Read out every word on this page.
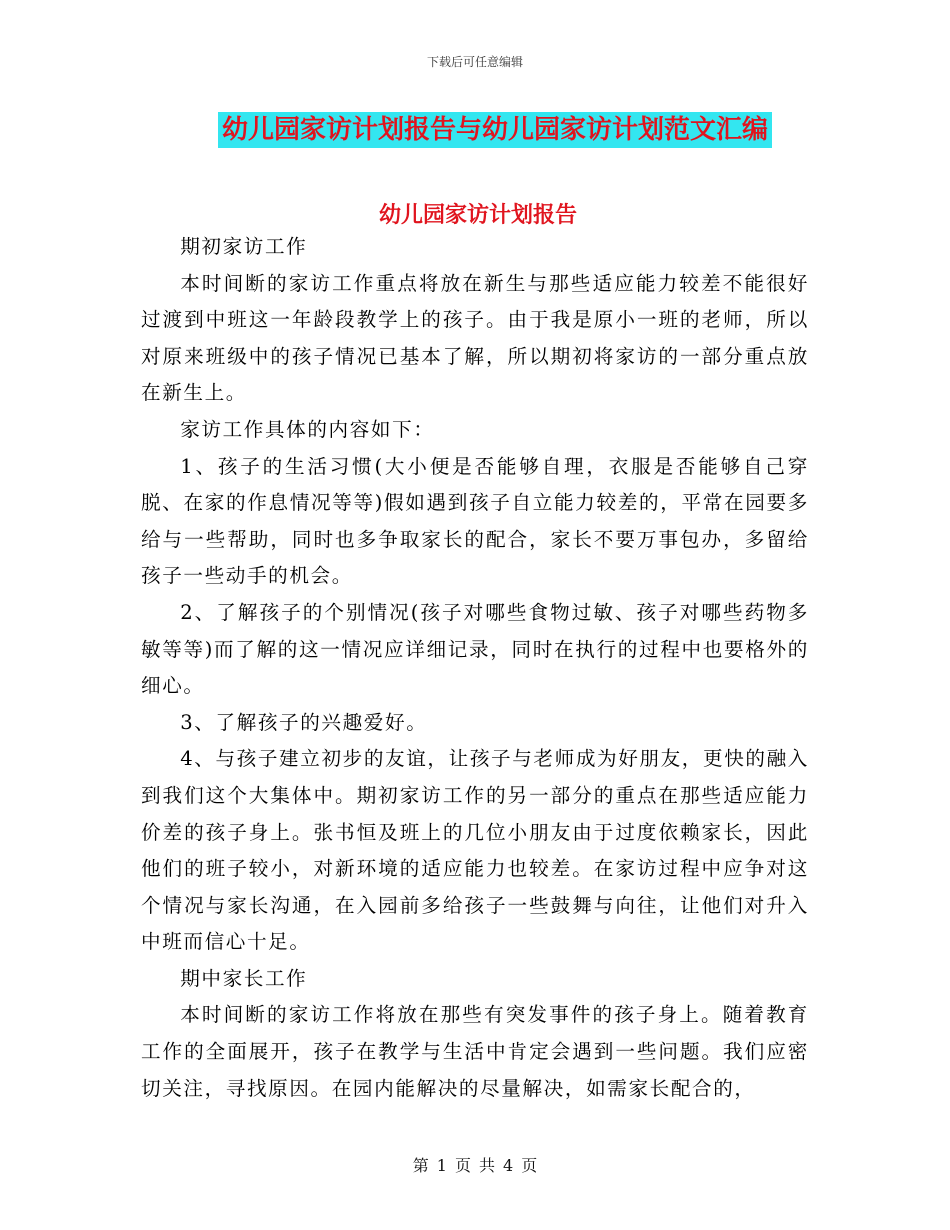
下载后可任意编辑
幼儿园家访计划报告与幼儿园家访计划范文汇编
幼儿园家访计划报告

期初家访工作

本时间断的家访工作重点将放在新生与那些适应能力较差不能很好过渡到中班这一年龄段教学上的孩子。由于我是原小一班的老师，所以对原来班级中的孩子情况已基本了解，所以期初将家访的一部分重点放在新生上。

家访工作具体的内容如下：

1、孩子的生活习惯(大小便是否能够自理，衣服是否能够自己穿脱、在家的作息情况等等)假如遇到孩子自立能力较差的，平常在园要多给与一些帮助，同时也多争取家长的配合，家长不要万事包办，多留给孩子一些动手的机会。

2、了解孩子的个别情况(孩子对哪些食物过敏、孩子对哪些药物多敏等等)而了解的这一情况应详细记录，同时在执行的过程中也要格外的细心。

3、了解孩子的兴趣爱好。

4、与孩子建立初步的友谊，让孩子与老师成为好朋友，更快的融入到我们这个大集体中。期初家访工作的另一部分的重点在那些适应能力价差的孩子身上。张书恒及班上的几位小朋友由于过度依赖家长，因此他们的班子较小，对新环境的适应能力也较差。在家访过程中应争对这个情况与家长沟通，在入园前多给孩子一些鼓舞与向往，让他们对升入中班而信心十足。

期中家长工作

本时间断的家访工作将放在那些有突发事件的孩子身上。随着教育工作的全面展开，孩子在教学与生活中肯定会遇到一些问题。我们应密切关注，寻找原因。在园内能解决的尽量解决，如需家长配合的，

第 1 页 共 4 页
